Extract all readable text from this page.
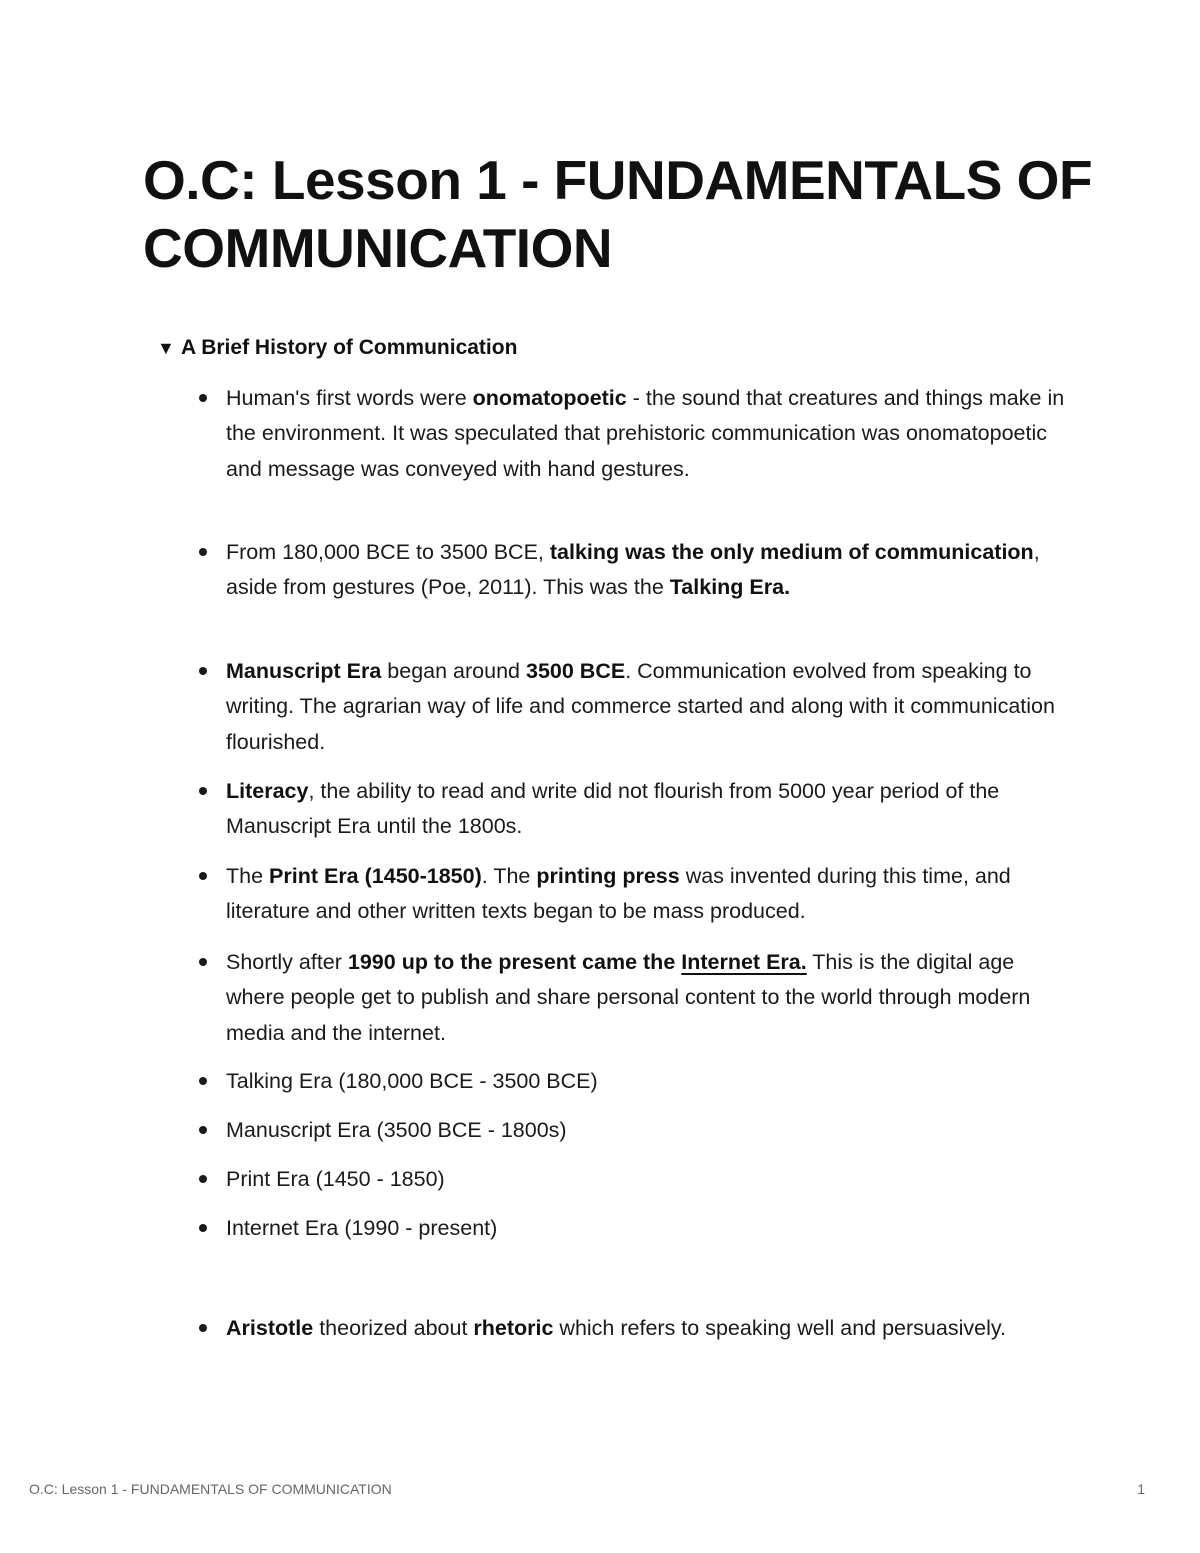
O.C: Lesson 1 - FUNDAMENTALS OF COMMUNICATION
▼ A Brief History of Communication
Human's first words were onomatopoetic - the sound that creatures and things make in the environment. It was speculated that prehistoric communication was onomatopoetic and message was conveyed with hand gestures.
From 180,000 BCE to 3500 BCE, talking was the only medium of communication, aside from gestures (Poe, 2011). This was the Talking Era.
Manuscript Era began around 3500 BCE. Communication evolved from speaking to writing. The agrarian way of life and commerce started and along with it communication flourished.
Literacy, the ability to read and write did not flourish from 5000 year period of the Manuscript Era until the 1800s.
The Print Era (1450-1850). The printing press was invented during this time, and literature and other written texts began to be mass produced.
Shortly after 1990 up to the present came the Internet Era. This is the digital age where people get to publish and share personal content to the world through modern media and the internet.
Talking Era (180,000 BCE - 3500 BCE)
Manuscript Era (3500 BCE - 1800s)
Print Era (1450 - 1850)
Internet Era (1990 - present)
Aristotle theorized about rhetoric which refers to speaking well and persuasively.
O.C: Lesson 1 - FUNDAMENTALS OF COMMUNICATION	1
